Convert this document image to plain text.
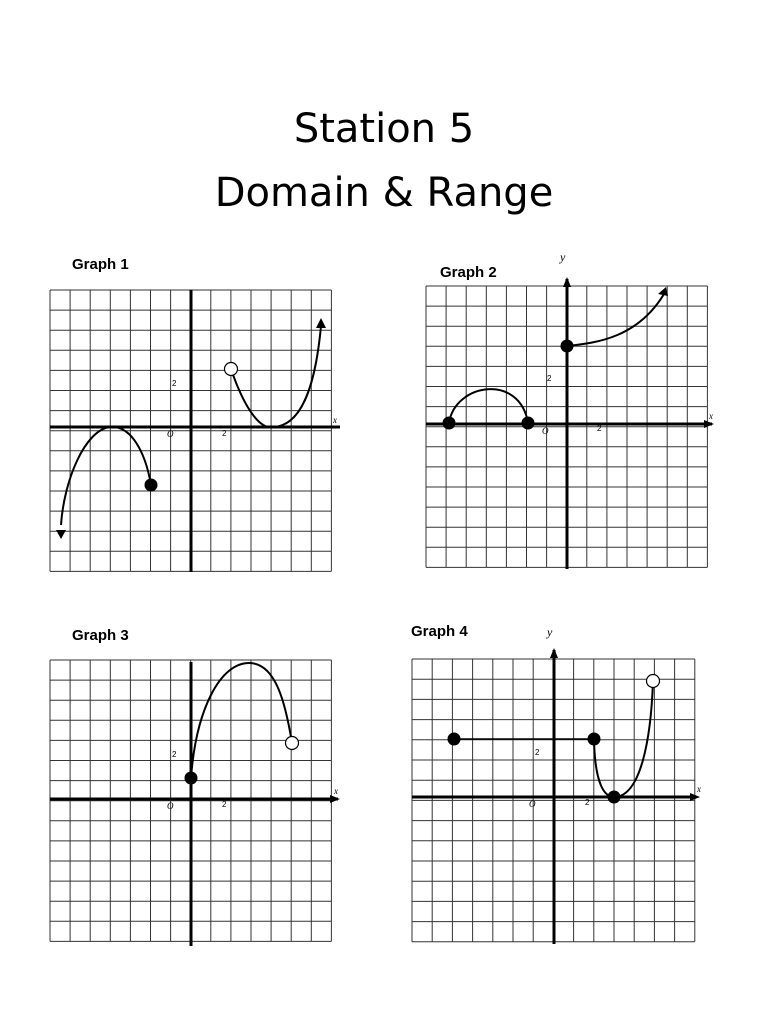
Station 5
Domain & Range
Graph 1	Graph 2
Graph 3	Graph 4
y
y
x
O	2
2
x
O	2
2
x
O	2
2
x
O	2
2
